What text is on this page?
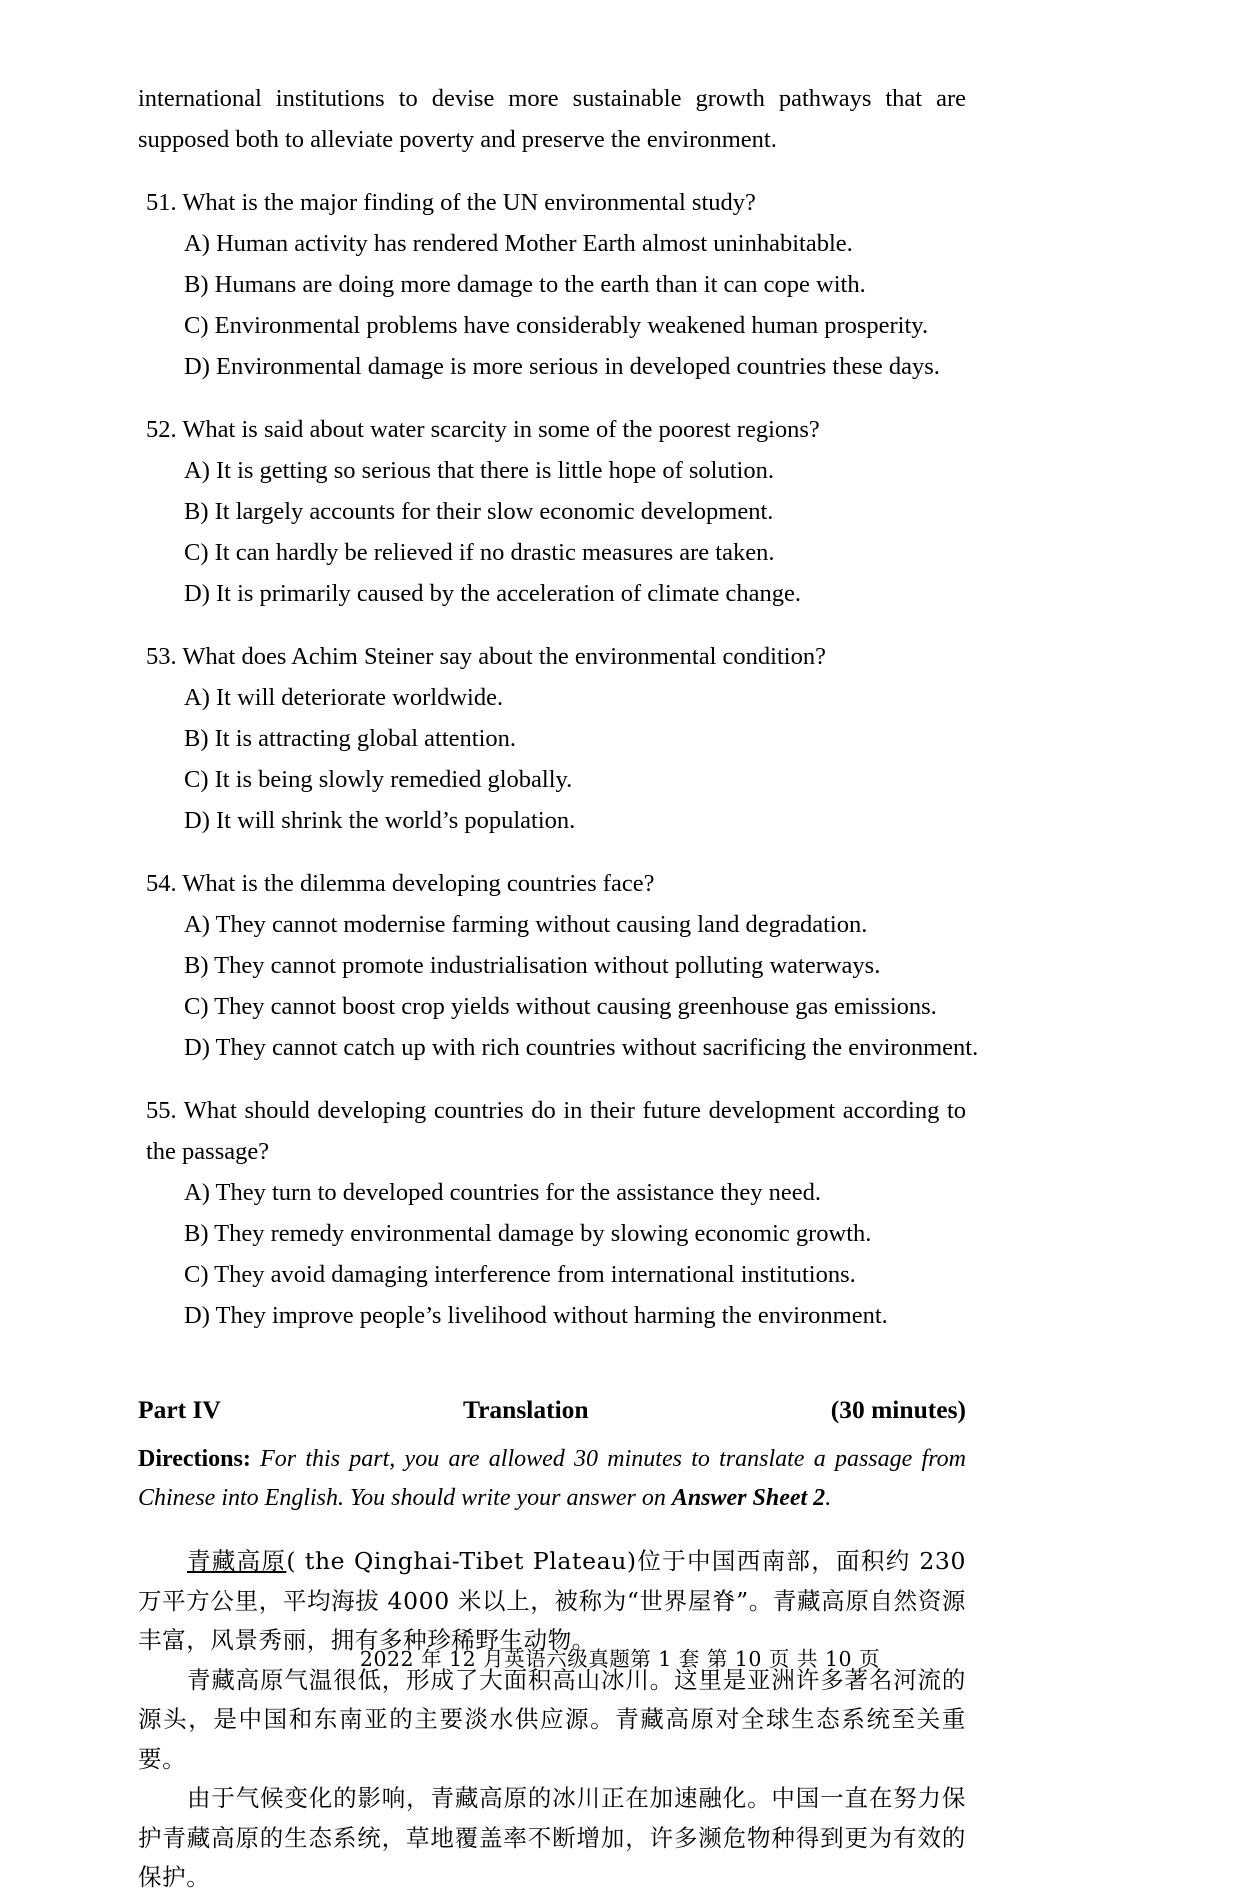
international institutions to devise more sustainable growth pathways that are supposed both to alleviate poverty and preserve the environment.

51. What is the major finding of the UN environmental study?

A) Human activity has rendered Mother Earth almost uninhabitable.

B) Humans are doing more damage to the earth than it can cope with.

C) Environmental problems have considerably weakened human prosperity.

D) Environmental damage is more serious in developed countries these days.

52. What is said about water scarcity in some of the poorest regions?

A) It is getting so serious that there is little hope of solution.

B) It largely accounts for their slow economic development.

C) It can hardly be relieved if no drastic measures are taken.

D) It is primarily caused by the acceleration of climate change.

53. What does Achim Steiner say about the environmental condition?

A) It will deteriorate worldwide.

B) It is attracting global attention.

C) It is being slowly remedied globally.

D) It will shrink the world’s population.

54. What is the dilemma developing countries face?

A) They cannot modernise farming without causing land degradation.

B) They cannot promote industrialisation without polluting waterways.

C) They cannot boost crop yields without causing greenhouse gas emissions.

D) They cannot catch up with rich countries without sacrificing the environment.

55. What should developing countries do in their future development according to the passage?

A) They turn to developed countries for the assistance they need.

B) They remedy environmental damage by slowing economic growth.

C) They avoid damaging interference from international institutions.

D) They improve people’s livelihood without harming the environment.

Part IV	Translation	(30 minutes)

Directions: For this part, you are allowed 30 minutes to translate a passage from Chinese into English. You should write your answer on Answer Sheet 2.

青藏高原( the Qinghai-Tibet Plateau)位于中国西南部，面积约 230 万平方公里，平均海拔 4000 米以上，被称为“世界屋脊”。青藏高原自然资源丰富，风景秀丽，拥有多种珍稀野生动物。

青藏高原气温很低，形成了大面积高山冰川。这里是亚洲许多著名河流的源头，是中国和东南亚的主要淡水供应源。青藏高原对全球生态系统至关重要。

由于气候变化的影响，青藏高原的冰川正在加速融化。中国一直在努力保护青藏高原的生态系统，草地覆盖率不断增加，许多濒危物种得到更为有效的保护。

2022 年 12 月英语六级真题第 1 套 第 10 页 共 10 页
